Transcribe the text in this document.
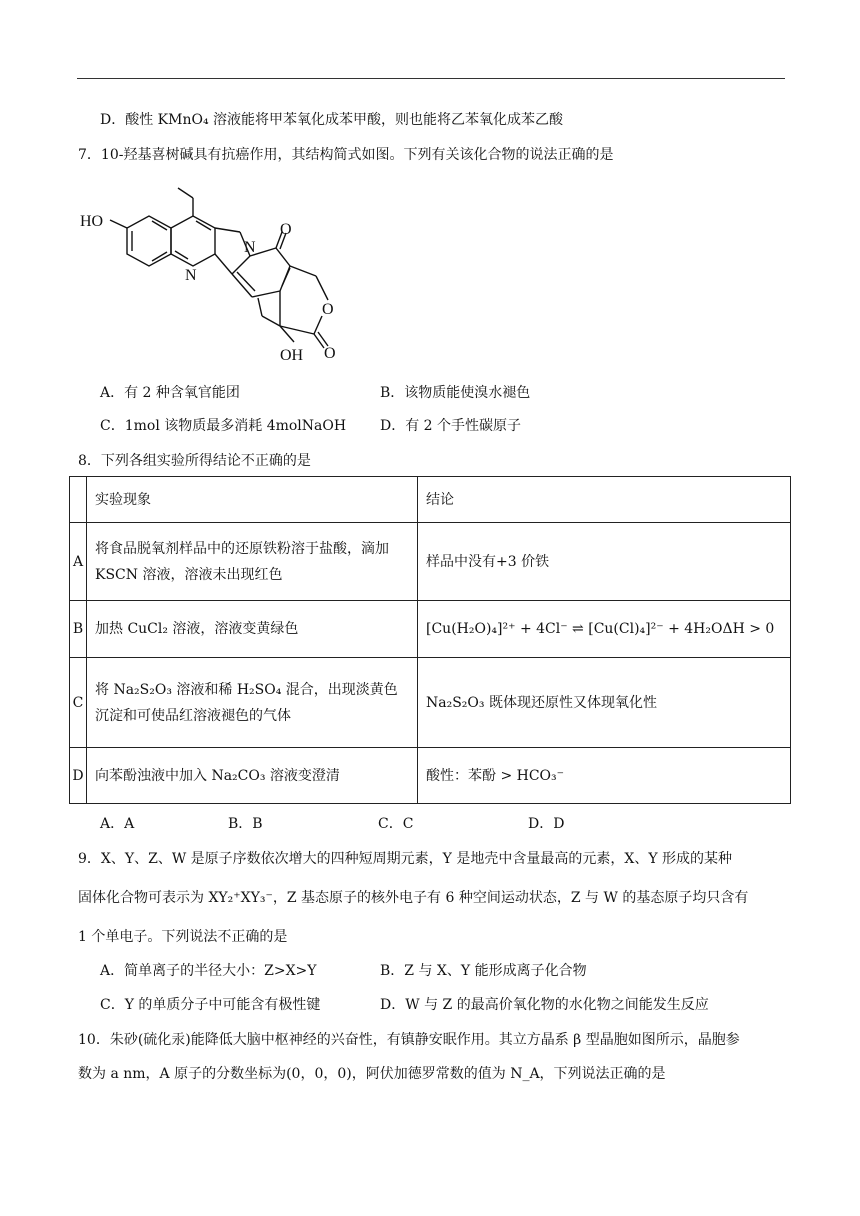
D．酸性 KMnO₄ 溶液能将甲苯氧化成苯甲酸，则也能将乙苯氧化成苯乙酸
7．10-羟基喜树碱具有抗癌作用，其结构简式如图。下列有关该化合物的说法正确的是
HO
N
N
O
O
OH O
A．有 2 种含氧官能团	B．该物质能使溴水褪色
C．1mol 该物质最多消耗 4molNaOH D．有 2 个手性碳原子
8．下列各组实验所得结论不正确的是
	实验现象	结论
A	将食品脱氧剂样品中的还原铁粉溶于盐酸，滴加 KSCN 溶液，溶液未出现红色	样品中没有+3 价铁
B	加热 CuCl₂ 溶液，溶液变黄绿色	[Cu(H₂O)₄]²⁺ + 4Cl⁻ ⇌ [Cu(Cl)₄]²⁻ + 4H₂OΔH > 0
C	将 Na₂S₂O₃ 溶液和稀 H₂SO₄ 混合，出现淡黄色沉淀和可使品红溶液褪色的气体	Na₂S₂O₃ 既体现还原性又体现氧化性
D	向苯酚浊液中加入 Na₂CO₃ 溶液变澄清	酸性：苯酚 > HCO₃⁻
A．A	B．B	C．C	D．D
9．X、Y、Z、W 是原子序数依次增大的四种短周期元素，Y 是地壳中含量最高的元素，X、Y 形成的某种
固体化合物可表示为 XY₂⁺XY₃⁻，Z 基态原子的核外电子有 6 种空间运动状态，Z 与 W 的基态原子均只含有
1 个单电子。下列说法不正确的是
A．简单离子的半径大小：Z>X>Y	B．Z 与 X、Y 能形成离子化合物
C．Y 的单质分子中可能含有极性键	D．W 与 Z 的最高价氧化物的水化物之间能发生反应
10．朱砂(硫化汞)能降低大脑中枢神经的兴奋性，有镇静安眠作用。其立方晶系 β 型晶胞如图所示，晶胞参
数为 a nm，A 原子的分数坐标为(0，0，0)，阿伏加德罗常数的值为 N_A，下列说法正确的是
